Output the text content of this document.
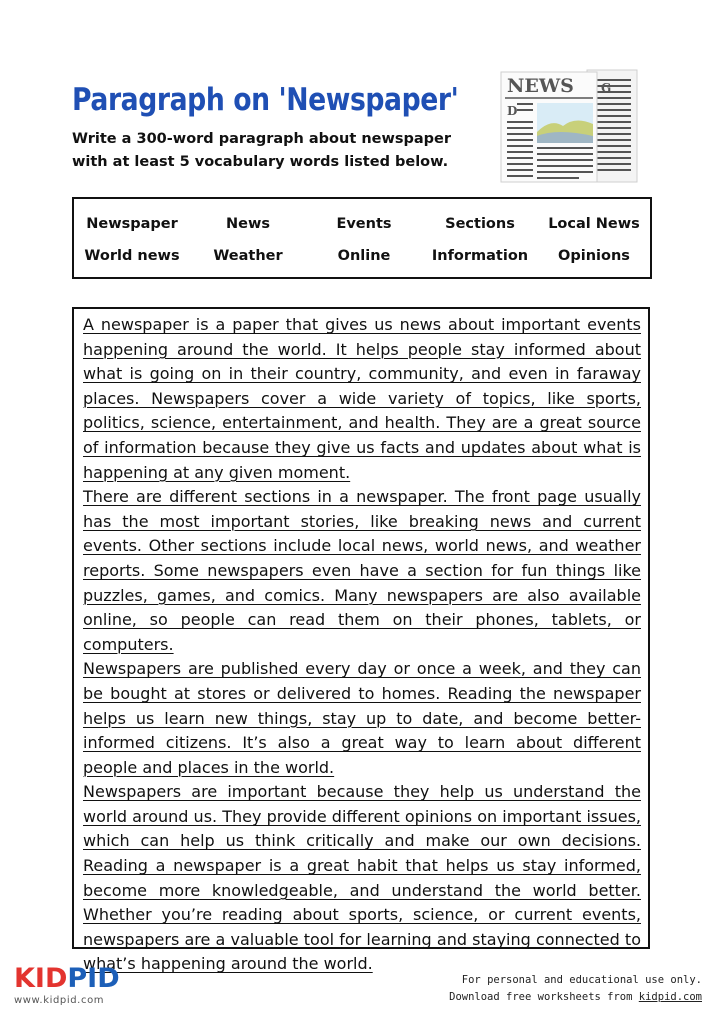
Paragraph on 'Newspaper'

Write a 300-word paragraph about newspaper with at least 5 vocabulary words listed below.

NEWS
D
G
Newspaper	News	Events	Sections	Local News
World news	Weather	Online	Information	Opinions

A newspaper is a paper that gives us news about important events happening around the world. It helps people stay informed about what is going on in their country, community, and even in faraway places. Newspapers cover a wide variety of topics, like sports, politics, science, entertainment, and health. They are a great source of information because they give us facts and updates about what is happening at any given moment.

There are different sections in a newspaper. The front page usually has the most important stories, like breaking news and current events. Other sections include local news, world news, and weather reports. Some newspapers even have a section for fun things like puzzles, games, and comics. Many newspapers are also available online, so people can read them on their phones, tablets, or computers.

Newspapers are published every day or once a week, and they can be bought at stores or delivered to homes. Reading the newspaper helps us learn new things, stay up to date, and become better-informed citizens. It’s also a great way to learn about different people and places in the world.

Newspapers are important because they help us understand the world around us. They provide different opinions on important issues, which can help us think critically and make our own decisions. Reading a newspaper is a great habit that helps us stay informed, become more knowledgeable, and understand the world better. Whether you’re reading about sports, science, or current events, newspapers are a valuable tool for learning and staying connected to what’s happening around the world.

KIDPID
www.kidpid.com
For personal and educational use only.
Download free worksheets from kidpid.com
